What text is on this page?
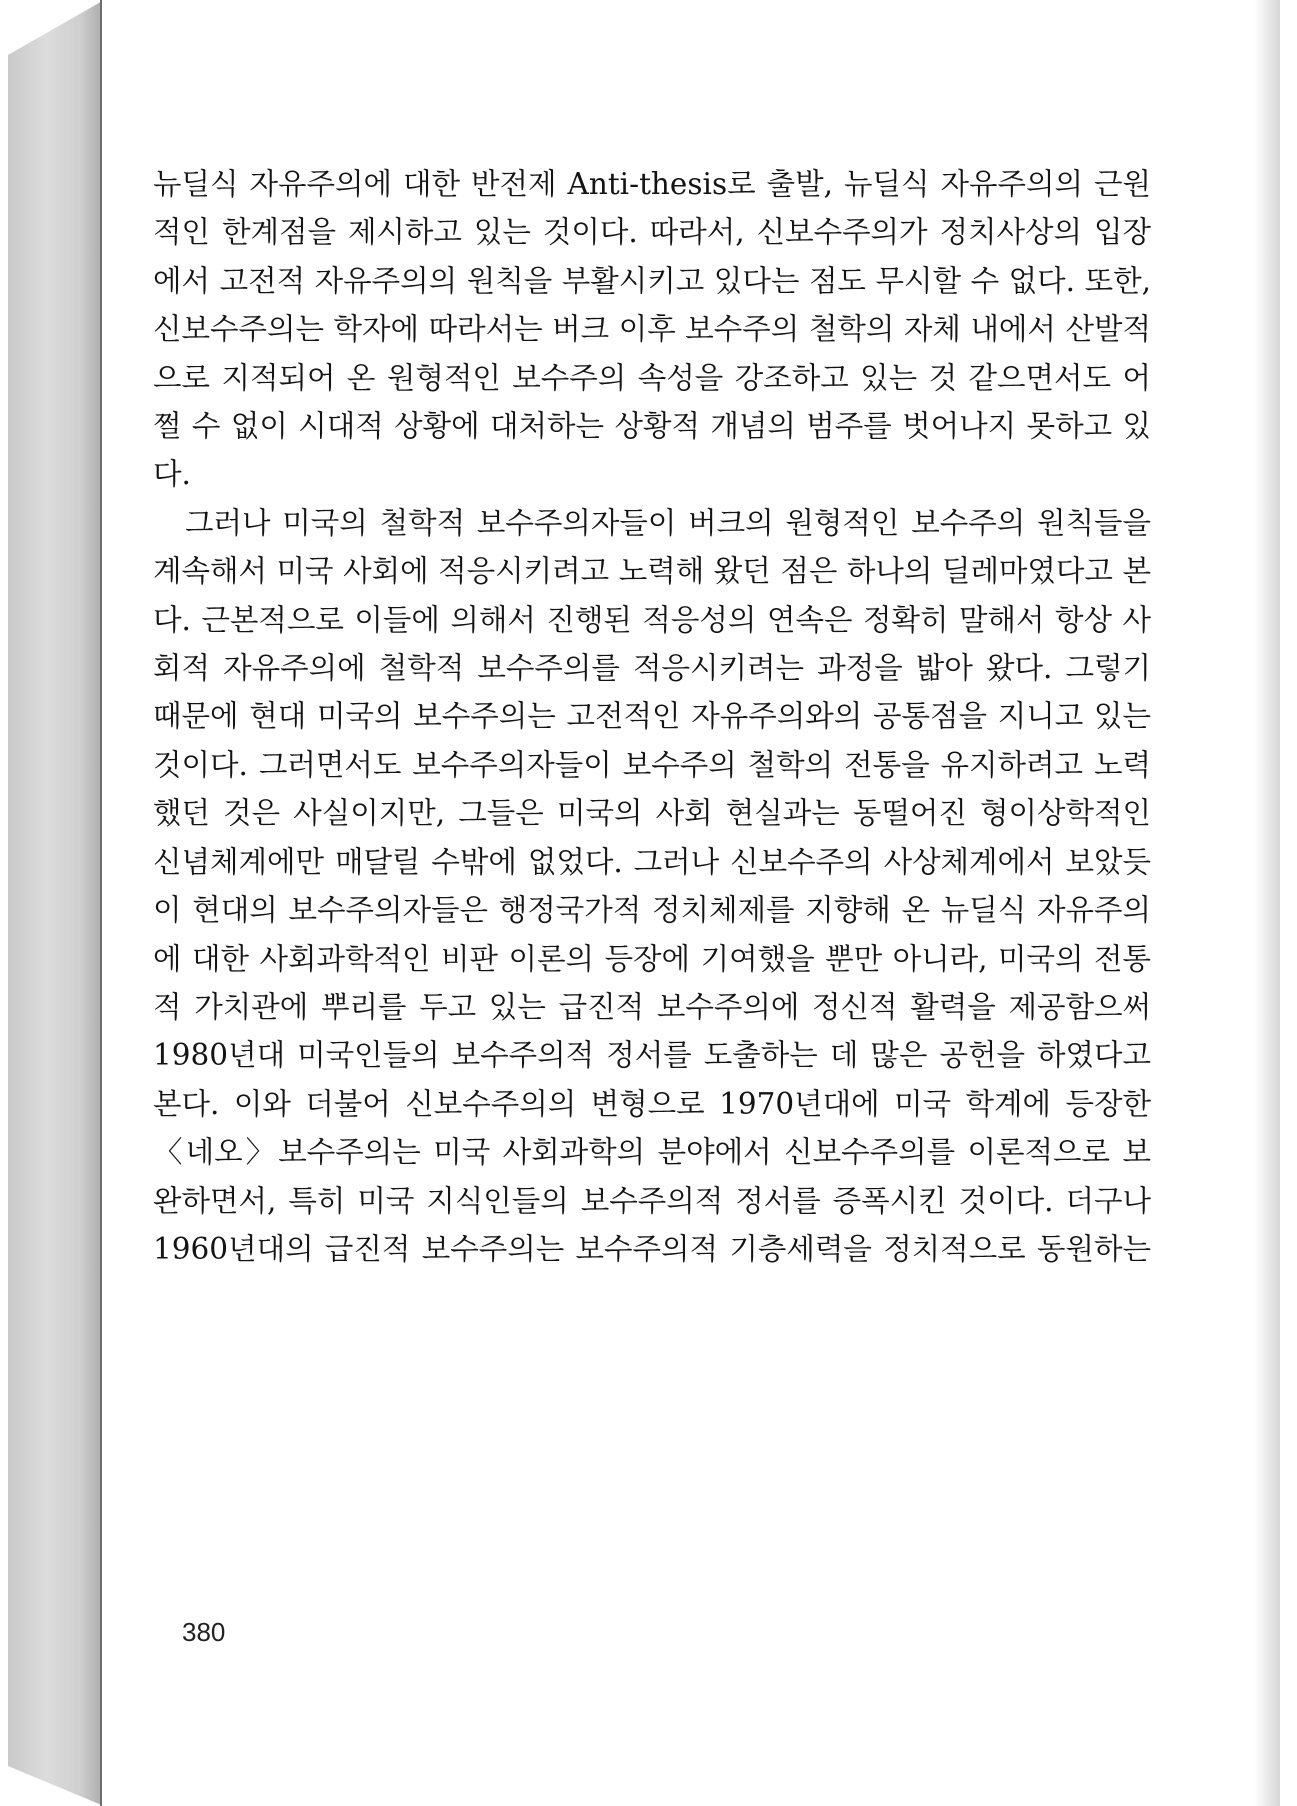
뉴딜식 자유주의에 대한 반전제 Anti-thesis로 출발, 뉴딜식 자유주의의 근원적인 한계점을 제시하고 있는 것이다. 따라서, 신보수주의가 정치사상의 입장에서 고전적 자유주의의 원칙을 부활시키고 있다는 점도 무시할 수 없다. 또한, 신보수주의는 학자에 따라서는 버크 이후 보수주의 철학의 자체 내에서 산발적으로 지적되어 온 원형적인 보수주의 속성을 강조하고 있는 것 같으면서도 어쩔 수 없이 시대적 상황에 대처하는 상황적 개념의 범주를 벗어나지 못하고 있다.

그러나 미국의 철학적 보수주의자들이 버크의 원형적인 보수주의 원칙들을 계속해서 미국 사회에 적응시키려고 노력해 왔던 점은 하나의 딜레마였다고 본다. 근본적으로 이들에 의해서 진행된 적응성의 연속은 정확히 말해서 항상 사회적 자유주의에 철학적 보수주의를 적응시키려는 과정을 밟아 왔다. 그렇기 때문에 현대 미국의 보수주의는 고전적인 자유주의와의 공통점을 지니고 있는 것이다. 그러면서도 보수주의자들이 보수주의 철학의 전통을 유지하려고 노력했던 것은 사실이지만, 그들은 미국의 사회 현실과는 동떨어진 형이상학적인 신념체계에만 매달릴 수밖에 없었다. 그러나 신보수주의 사상체계에서 보았듯이 현대의 보수주의자들은 행정국가적 정치체제를 지향해 온 뉴딜식 자유주의에 대한 사회과학적인 비판 이론의 등장에 기여했을 뿐만 아니라, 미국의 전통적 가치관에 뿌리를 두고 있는 급진적 보수주의에 정신적 활력을 제공함으써 1980년대 미국인들의 보수주의적 정서를 도출하는 데 많은 공헌을 하였다고 본다. 이와 더불어 신보수주의의 변형으로 1970년대에 미국 학계에 등장한 〈네오〉보수주의는 미국 사회과학의 분야에서 신보수주의를 이론적으로 보완하면서, 특히 미국 지식인들의 보수주의적 정서를 증폭시킨 것이다. 더구나 1960년대의 급진적 보수주의는 보수주의적 기층세력을 정치적으로 동원하는

380
